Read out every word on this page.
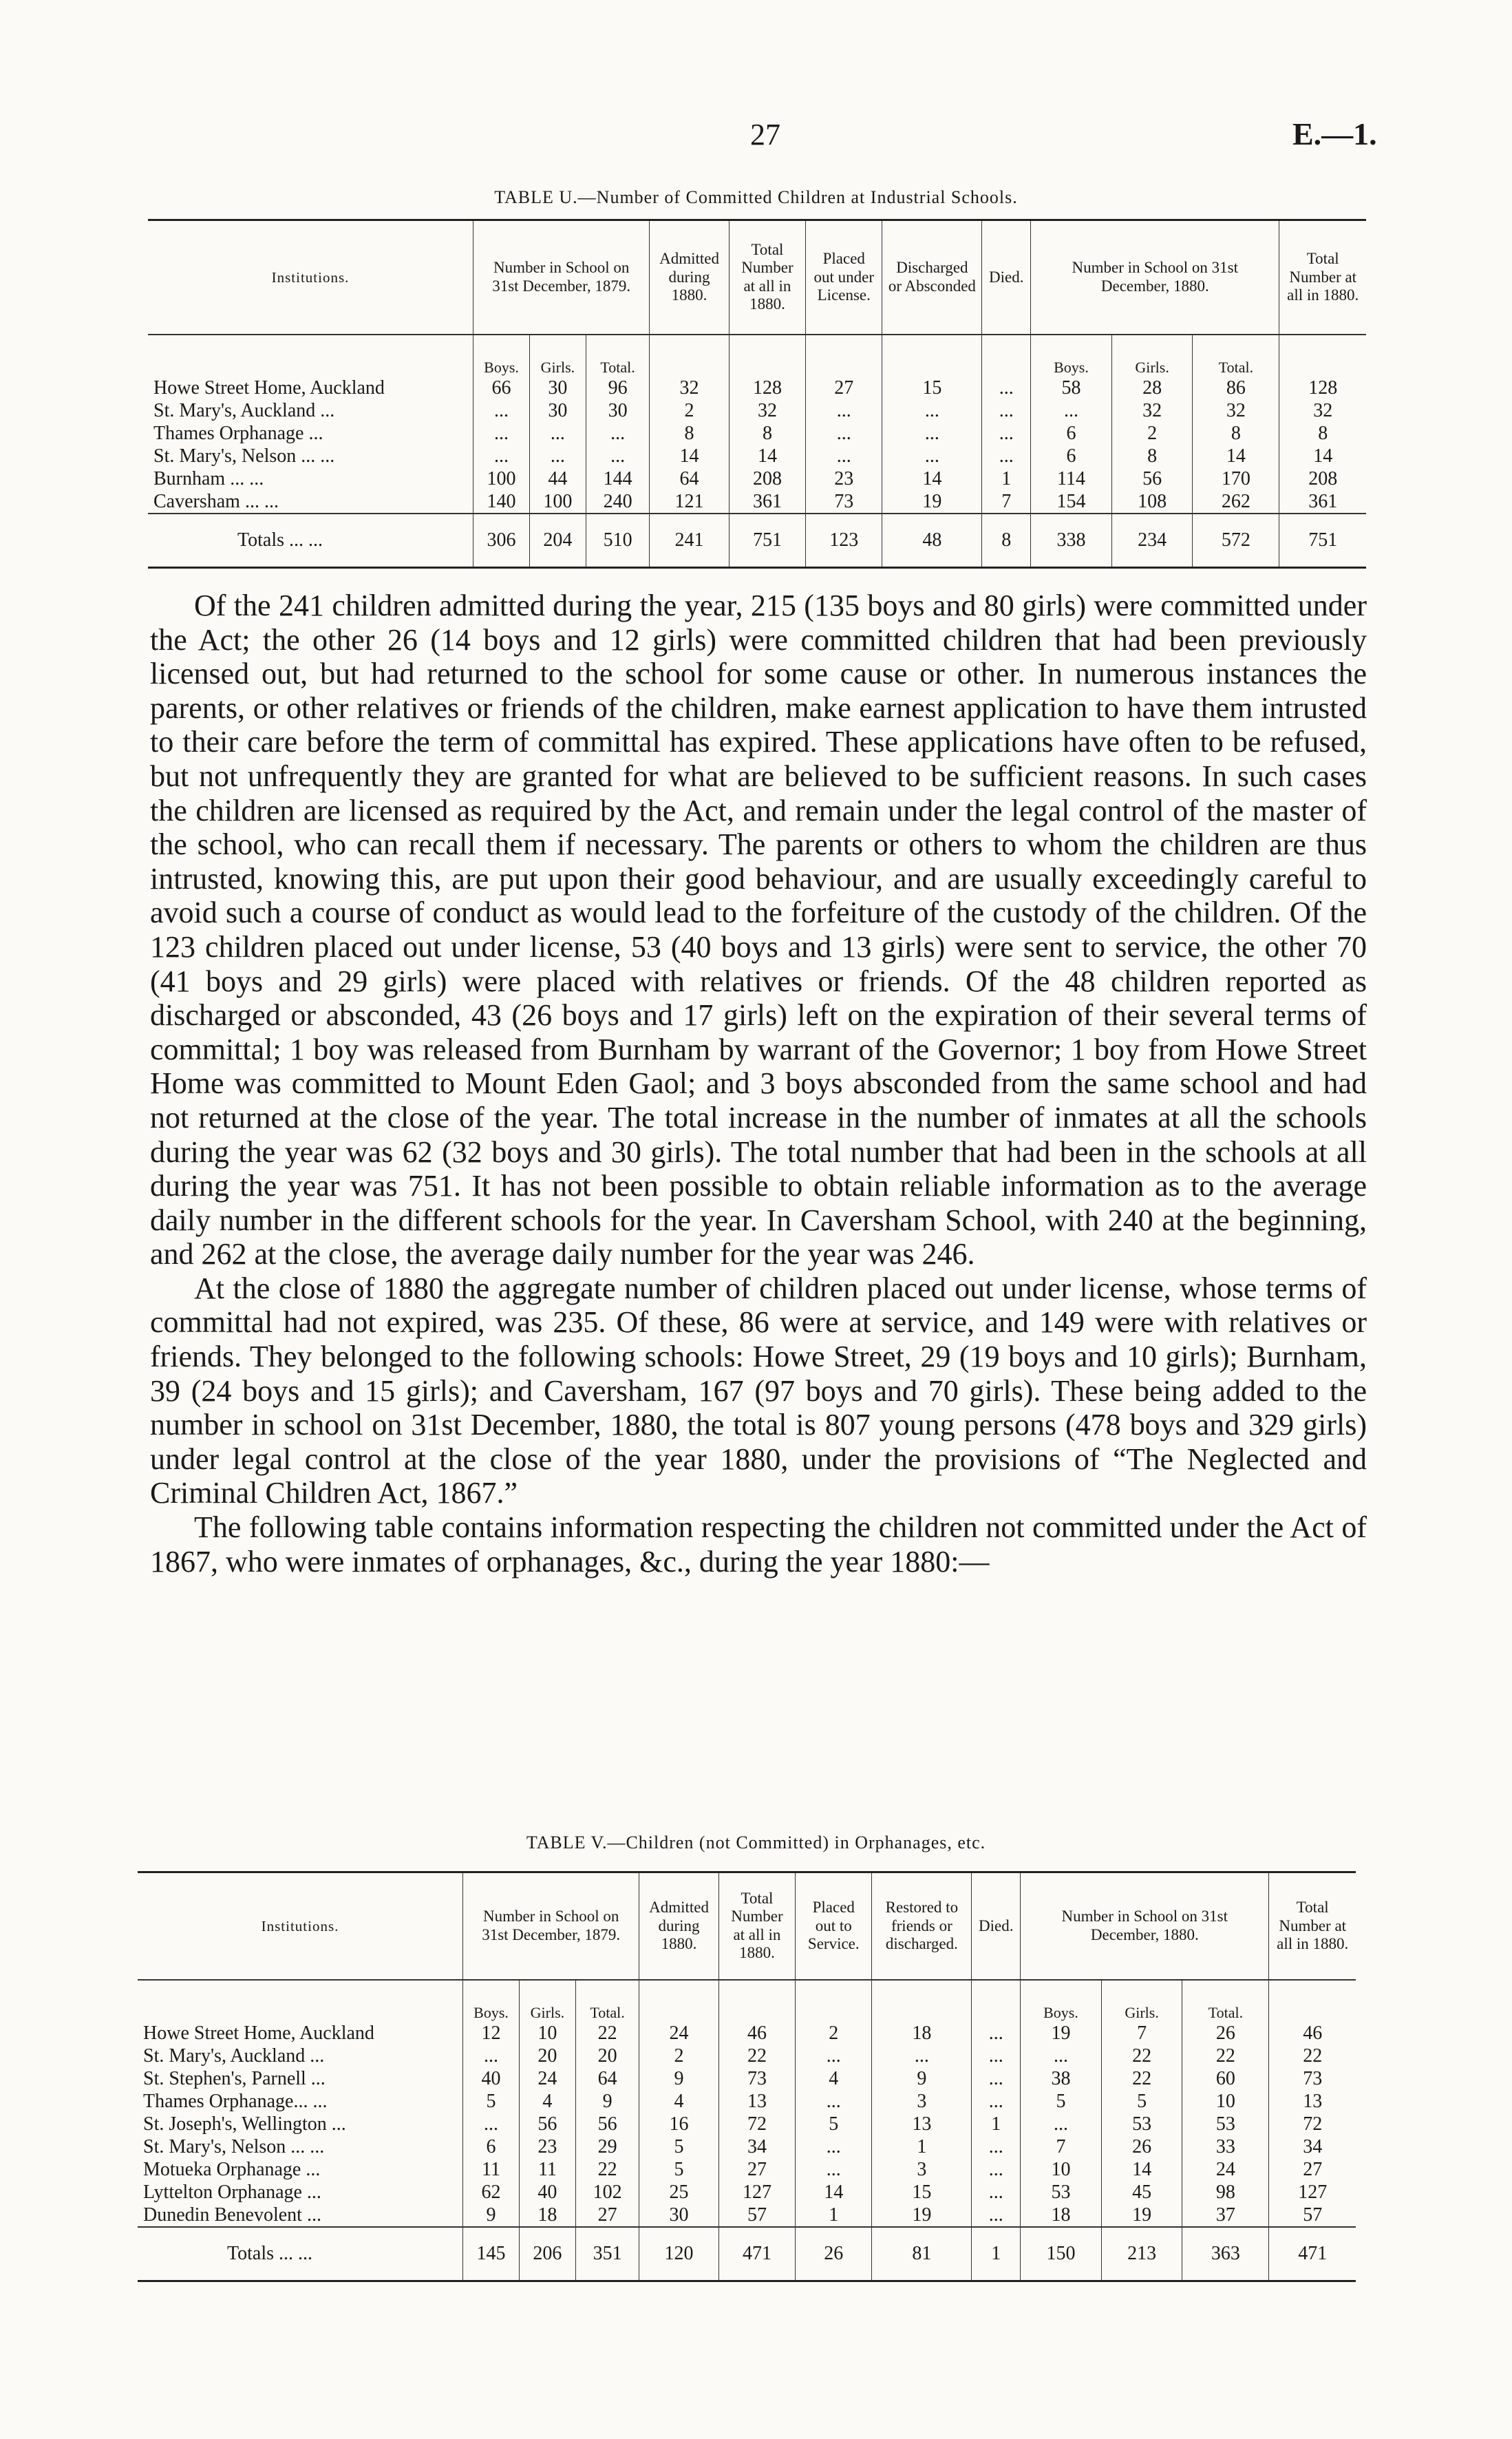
27	E.—1.
TABLE U.—Number of Committed Children at Industrial Schools.
Institutions.	Number in School on 31st December, 1879.			Admitted during 1880.	Total Number at all in 1880.	Placed out under License.	Discharged or Absconded	Died.	Number in School on 31st December, 1880.			Total Number at all in 1880.
	Boys.	Girls.	Total.						Boys.	Girls.	Total.	
Howe Street Home, Auckland	66	30	96	32	128	27	15	...	58	28	86	128
St. Mary's, Auckland ...	...	30	30	2	32	...	...	...	...	32	32	32
Thames Orphanage ...	...	...	...	8	8	...	...	...	6	2	8	8
St. Mary's, Nelson ... ...	...	...	...	14	14	...	...	...	6	8	14	14
Burnham ... ...	100	44	144	64	208	23	14	1	114	56	170	208
Caversham ... ...	140	100	240	121	361	73	19	7	154	108	262	361
Totals ... ...	306	204	510	241	751	123	48	8	338	234	572	751

Of the 241 children admitted during the year, 215 (135 boys and 80 girls) were committed under the Act; the other 26 (14 boys and 12 girls) were committed children that had been previously licensed out, but had returned to the school for some cause or other. In numerous instances the parents, or other relatives or friends of the children, make earnest application to have them intrusted to their care before the term of committal has expired. These applications have often to be refused, but not unfrequently they are granted for what are believed to be sufficient reasons. In such cases the children are licensed as required by the Act, and remain under the legal control of the master of the school, who can recall them if necessary. The parents or others to whom the children are thus intrusted, knowing this, are put upon their good behaviour, and are usually exceedingly careful to avoid such a course of conduct as would lead to the forfeiture of the custody of the children. Of the 123 children placed out under license, 53 (40 boys and 13 girls) were sent to service, the other 70 (41 boys and 29 girls) were placed with relatives or friends. Of the 48 children reported as discharged or absconded, 43 (26 boys and 17 girls) left on the expiration of their several terms of committal; 1 boy was released from Burnham by warrant of the Governor; 1 boy from Howe Street Home was committed to Mount Eden Gaol; and 3 boys absconded from the same school and had not returned at the close of the year. The total increase in the number of inmates at all the schools during the year was 62 (32 boys and 30 girls). The total number that had been in the schools at all during the year was 751. It has not been possible to obtain reliable information as to the average daily number in the different schools for the year. In Caversham School, with 240 at the beginning, and 262 at the close, the average daily number for the year was 246.

At the close of 1880 the aggregate number of children placed out under license, whose terms of committal had not expired, was 235. Of these, 86 were at service, and 149 were with relatives or friends. They belonged to the following schools: Howe Street, 29 (19 boys and 10 girls); Burnham, 39 (24 boys and 15 girls); and Caversham, 167 (97 boys and 70 girls). These being added to the number in school on 31st December, 1880, the total is 807 young persons (478 boys and 329 girls) under legal control at the close of the year 1880, under the provisions of “The Neglected and Criminal Children Act, 1867.”

The following table contains information respecting the children not committed under the Act of 1867, who were inmates of orphanages, &c., during the year 1880:—

TABLE V.—Children (not Committed) in Orphanages, etc.
Institutions.	Number in School on 31st December, 1879.			Admitted during 1880.	Total Number at all in 1880.	Placed out to Service.	Restored to friends or discharged.	Died.	Number in School on 31st December, 1880.			Total Number at all in 1880.
	Boys.	Girls.	Total.						Boys.	Girls.	Total.	
Howe Street Home, Auckland	12	10	22	24	46	2	18	...	19	7	26	46
St. Mary's, Auckland ...	...	20	20	2	22	...	...	...	...	22	22	22
St. Stephen's, Parnell ...	40	24	64	9	73	4	9	...	38	22	60	73
Thames Orphanage... ...	5	4	9	4	13	...	3	...	5	5	10	13
St. Joseph's, Wellington ...	...	56	56	16	72	5	13	1	...	53	53	72
St. Mary's, Nelson ... ...	6	23	29	5	34	...	1	...	7	26	33	34
Motueka Orphanage ...	11	11	22	5	27	...	3	...	10	14	24	27
Lyttelton Orphanage ...	62	40	102	25	127	14	15	...	53	45	98	127
Dunedin Benevolent ...	9	18	27	30	57	1	19	...	18	19	37	57
Totals ... ...	145	206	351	120	471	26	81	1	150	213	363	471
